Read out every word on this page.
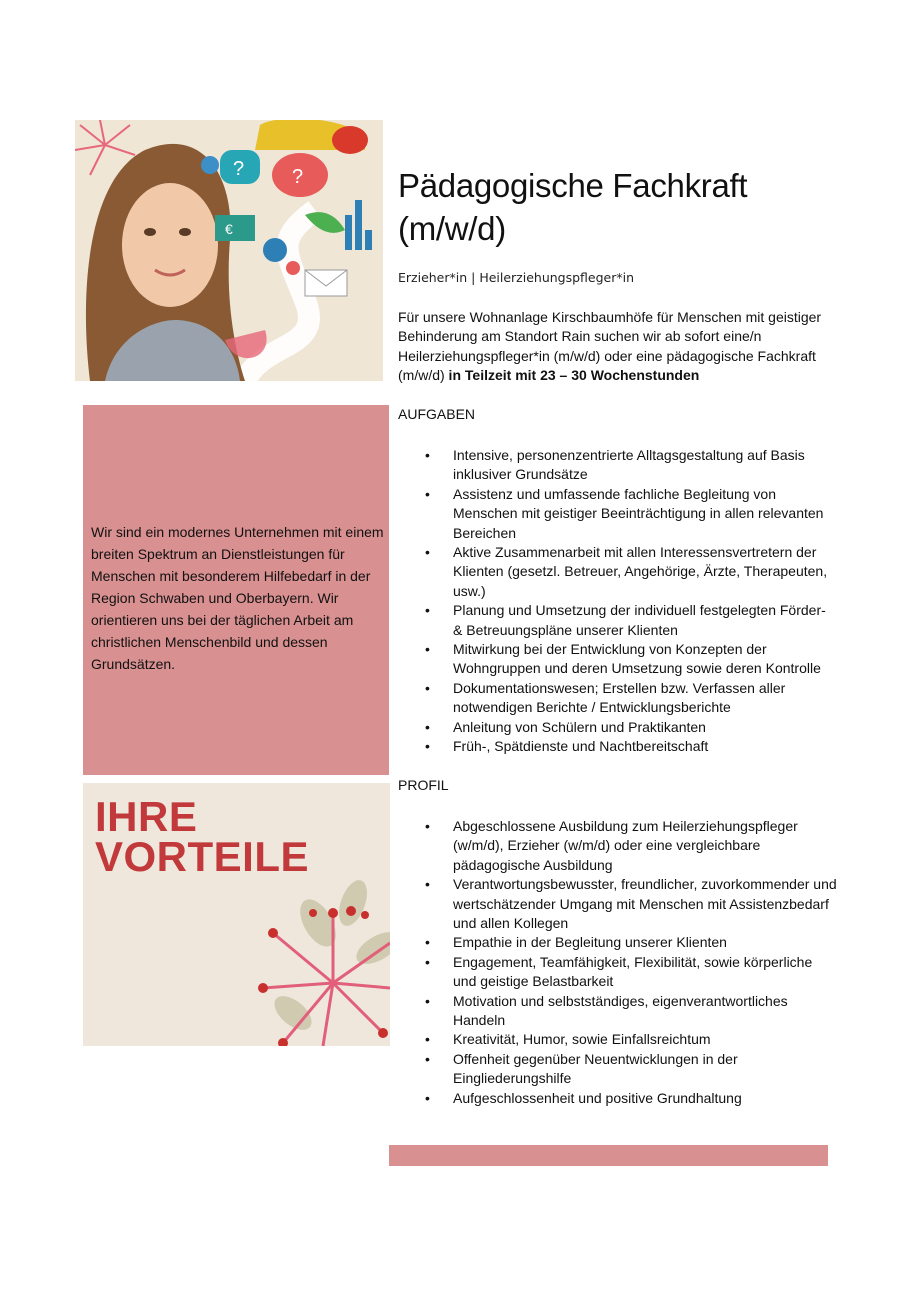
? ?
€
Pädagogische Fachkraft (m/w/d)
Erzieher*in | Heilerziehungspfleger*in
Für unsere Wohnanlage Kirschbaumhöfe für Menschen mit geistiger Behinderung am Standort Rain suchen wir ab sofort eine/n Heilerziehungspfleger*in (m/w/d) oder eine pädagogische Fachkraft (m/w/d) in Teilzeit mit 23 – 30 Wochenstunden
AUFGABEN
• Intensive, personenzentrierte Alltagsgestaltung auf Basis inklusiver Grundsätze
• Assistenz und umfassende fachliche Begleitung von Menschen mit geistiger Beeinträchtigung in allen relevanten Bereichen
• Aktive Zusammenarbeit mit allen Interessensvertretern der Klienten (gesetzl. Betreuer, Angehörige, Ärzte, Therapeuten, usw.)
• Planung und Umsetzung der individuell festgelegten Förder- & Betreuungspläne unserer Klienten
• Mitwirkung bei der Entwicklung von Konzepten der Wohngruppen und deren Umsetzung sowie deren Kontrolle
• Dokumentationswesen; Erstellen bzw. Verfassen aller notwendigen Berichte / Entwicklungsberichte
• Anleitung von Schülern und Praktikanten
• Früh-, Spätdienste und Nachtbereitschaft
PROFIL
• Abgeschlossene Ausbildung zum Heilerziehungspfleger (w/m/d), Erzieher (w/m/d) oder eine vergleichbare pädagogische Ausbildung
• Verantwortungsbewusster, freundlicher, zuvorkommender und wertschätzender Umgang mit Menschen mit Assistenzbedarf und allen Kollegen
• Empathie in der Begleitung unserer Klienten
• Engagement, Teamfähigkeit, Flexibilität, sowie körperliche und geistige Belastbarkeit
• Motivation und selbstständiges, eigenverantwortliches Handeln
• Kreativität, Humor, sowie Einfallsreichtum
• Offenheit gegenüber Neuentwicklungen in der Eingliederungshilfe
• Aufgeschlossenheit und positive Grundhaltung
Wir sind ein modernes Unternehmen mit einem breiten Spektrum an Dienstleistungen für Menschen mit besonderem Hilfebedarf in der Region Schwaben und Oberbayern. Wir orientieren uns bei der täglichen Arbeit am christlichen Menschenbild und dessen Grundsätzen.
IHRE
VORTEILE
